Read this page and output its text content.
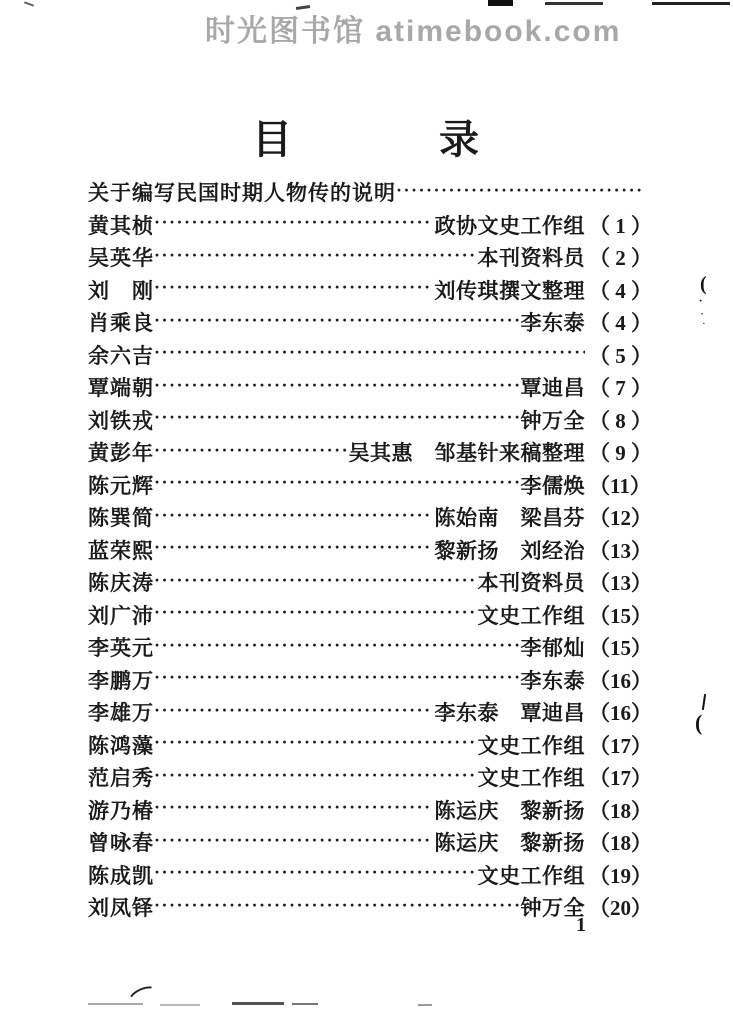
时光图书馆 atimebook.com
目	录
关于编写民国时期人物传的说明
·····
黄其桢 ·····	政协文史工作组 （ 1 ）
吴英华 ·····	本刊资料员 （ 2 ）
刘　刚 ·····	刘传琪撰文整理 （ 4 ）
肖乘良 ·····	李东泰 （ 4 ）
余六吉 ·····	（ 5 ）
覃端朝 ·····	覃迪昌 （ 7 ）
刘铁戎 ·····	钟万全 （ 8 ）
黄彭年 ·····	吴其惠　邹基针来稿整理 （ 9 ）
陈元辉 ·····	李儒焕 （11）
陈巽简 ·····	陈始南　梁昌芬 （12）
蓝荣熙 ·····	黎新扬　刘经治 （13）
陈庆涛 ·····	本刊资料员 （13）
刘广沛 ·····	文史工作组 （15）
李英元 ·····	李郁灿 （15）
李鹏万 ·····	李东泰 （16）
李雄万 ·····	李东泰　覃迪昌 （16）
陈鸿藻 ·····	文史工作组 （17）
范启秀 ·····	文史工作组 （17）
游乃椿 ·····	陈运庆　黎新扬 （18）
曾咏春 ·····	陈运庆　黎新扬 （18）
陈成凯 ·····	文史工作组 （19）
刘凤铎 ·····	钟万全 （20）
1
(
·
·
·
(
